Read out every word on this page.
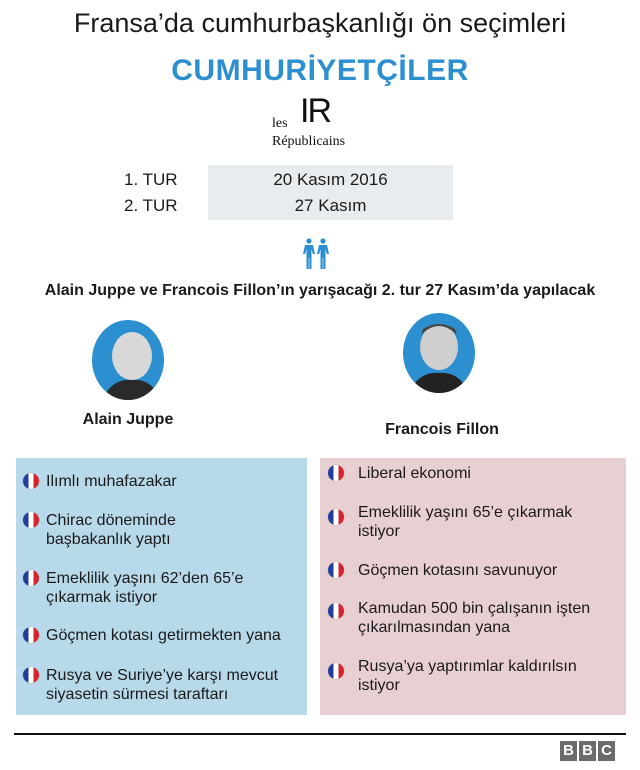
Fransa’da cumhurbaşkanlığı ön seçimleri
CUMHURİYETÇİLER
les IR
Républicains
1. TUR	20 Kasım 2016
2. TUR	27 Kasım
Alain Juppe ve Francois Fillon’ın yarışacağı 2. tur 27 Kasım’da yapılacak
Alain Juppe
Francois Fillon
Ilımlı muhafazakar
Chirac döneminde başbakanlık yaptı
Emeklilik yaşını 62’den 65’e çıkarmak istiyor
Göçmen kotası getirmekten yana
Rusya ve Suriye’ye karşı mevcut siyasetin sürmesi taraftarı
Liberal ekonomi
Emeklilik yaşını 65’e çıkarmak istiyor
Göçmen kotasını savunuyor
Kamudan 500 bin çalışanın işten çıkarılmasından yana
Rusya’ya yaptırımlar kaldırılsın istiyor
B B C
